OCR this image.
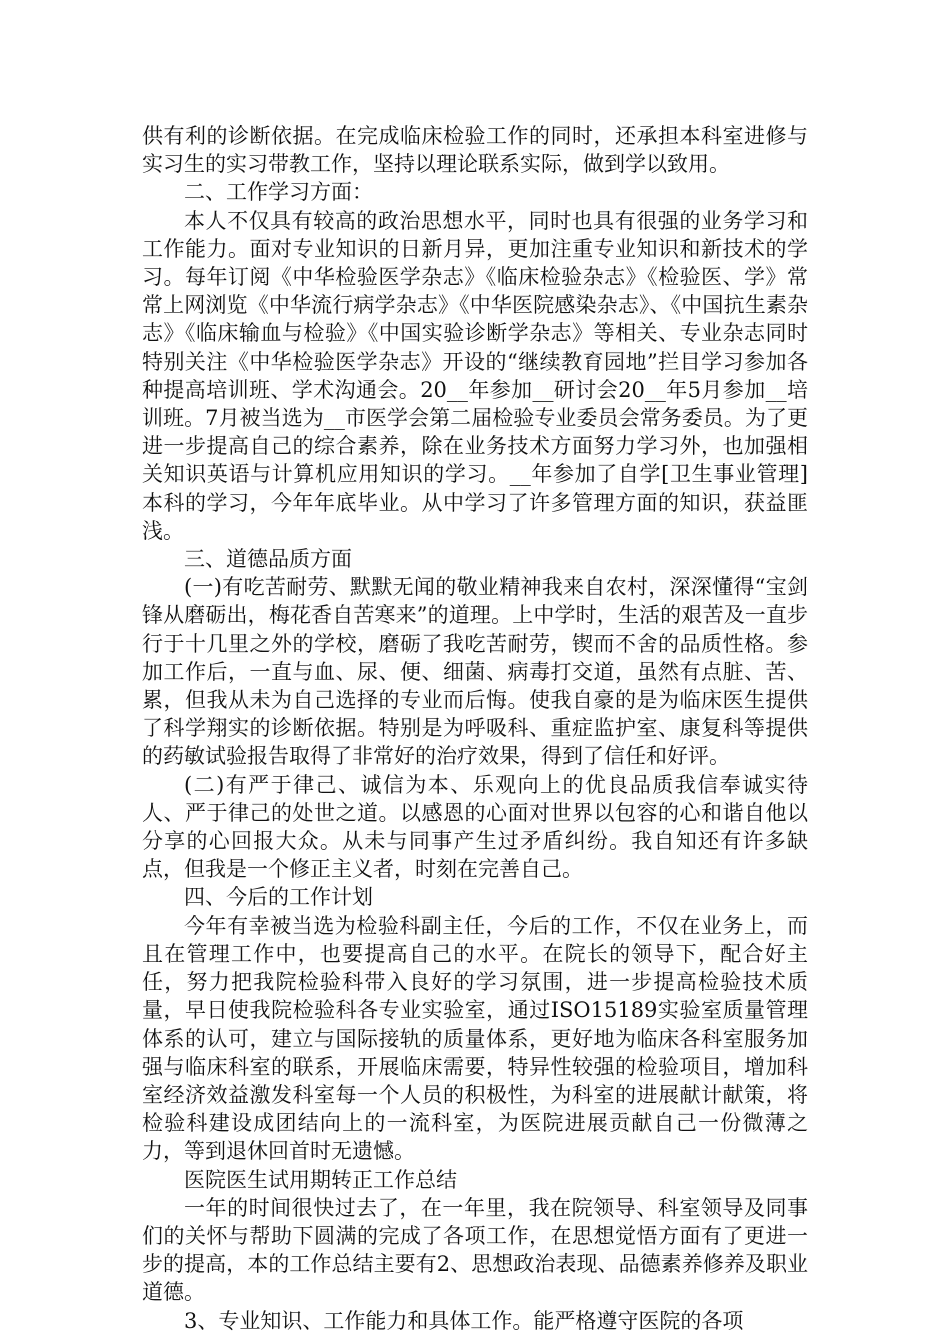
供有利的诊断依据。在完成临床检验工作的同时，还承担本科室进修与实习生的实习带教工作，坚持以理论联系实际，做到学以致用。

二、工作学习方面：

本人不仅具有较高的政治思想水平，同时也具有很强的业务学习和工作能力。面对专业知识的日新月异，更加注重专业知识和新技术的学习。每年订阅《中华检验医学杂志》《临床检验杂志》《检验医、学》常常上网浏览《中华流行病学杂志》《中华医院感染杂志》、《中国抗生素杂志》《临床输血与检验》《中国实验诊断学杂志》等相关、专业杂志同时特别关注《中华检验医学杂志》开设的“继续教育园地”拦目学习参加各种提高培训班、学术沟通会。20__年参加__研讨会20__年5月参加__培训班。7月被当选为__市医学会第二届检验专业委员会常务委员。为了更进一步提高自己的综合素养，除在业务技术方面努力学习外，也加强相关知识英语与计算机应用知识的学习。__年参加了自学[卫生事业管理]本科的学习，今年年底毕业。从中学习了许多管理方面的知识，获益匪浅。

三、道德品质方面

(一)有吃苦耐劳、默默无闻的敬业精神我来自农村，深深懂得“宝剑锋从磨砺出，梅花香自苦寒来”的道理。上中学时，生活的艰苦及一直步行于十几里之外的学校，磨砺了我吃苦耐劳，锲而不舍的品质性格。参加工作后，一直与血、尿、便、细菌、病毒打交道，虽然有点脏、苦、累，但我从未为自己选择的专业而后悔。使我自豪的是为临床医生提供了科学翔实的诊断依据。特别是为呼吸科、重症监护室、康复科等提供的药敏试验报告取得了非常好的治疗效果，得到了信任和好评。

(二)有严于律己、诚信为本、乐观向上的优良品质我信奉诚实待人、严于律己的处世之道。以感恩的心面对世界以包容的心和谐自他以分享的心回报大众。从未与同事产生过矛盾纠纷。我自知还有许多缺点，但我是一个修正主义者，时刻在完善自己。

四、今后的工作计划

今年有幸被当选为检验科副主任，今后的工作，不仅在业务上，而且在管理工作中，也要提高自己的水平。在院长的领导下，配合好主任，努力把我院检验科带入良好的学习氛围，进一步提高检验技术质量，早日使我院检验科各专业实验室，通过ISO15189实验室质量管理体系的认可，建立与国际接轨的质量体系，更好地为临床各科室服务加强与临床科室的联系，开展临床需要，特异性较强的检验项目，增加科室经济效益激发科室每一个人员的积极性，为科室的进展献计献策，将检验科建设成团结向上的一流科室，为医院进展贡献自己一份微薄之力，等到退休回首时无遗憾。

医院医生试用期转正工作总结

一年的时间很快过去了，在一年里，我在院领导、科室领导及同事们的关怀与帮助下圆满的完成了各项工作，在思想觉悟方面有了更进一步的提高，本的工作总结主要有2、思想政治表现、品德素养修养及职业道德。

3、专业知识、工作能力和具体工作。能严格遵守医院的各项
